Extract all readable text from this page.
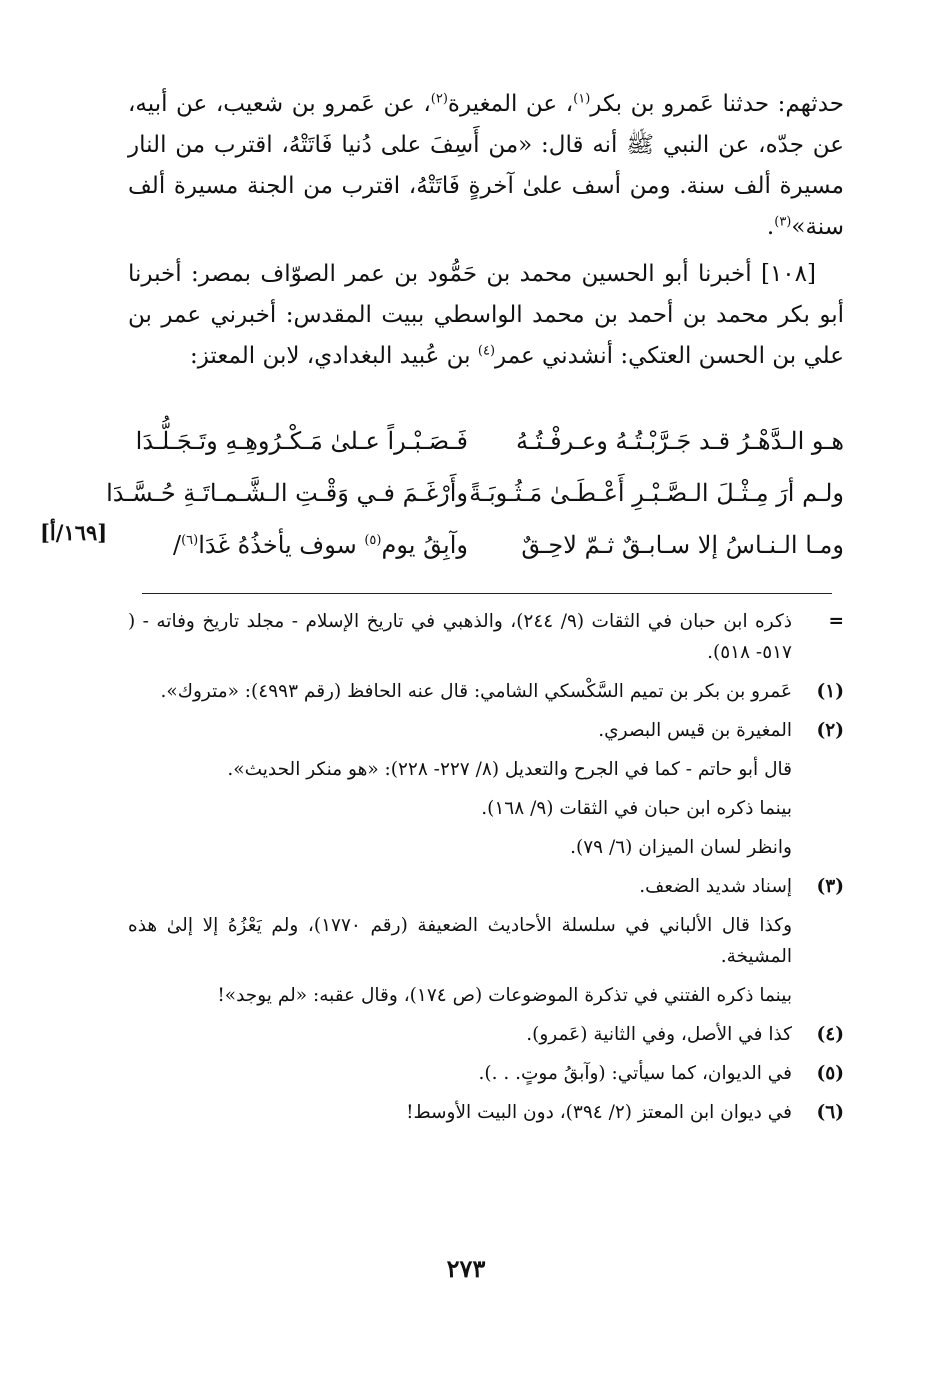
حدثهم: حدثنا عَمرو بن بكر$^{(١)}$، عن المغيرة$^{(٢)}$، عن عَمرو بن شعيب، عن أبيه، عن جدّه، عن النبي ﷺ أنه قال: «من أَسِفَ على دُنيا فَاتَتْهُ، اقترب من النار مسيرة ألف سنة. ومن أسف علىٰ آخرةٍ فَاتَتْهُ، اقترب من الجنة مسيرة ألف سنة»$^{(٣)}$.

[١٠٨] أخبرنا أبو الحسين محمد بن حَمُّود بن عمر الصوّاف بمصر: أخبرنا أبو بكر محمد بن أحمد بن محمد الواسطي ببيت المقدس: أخبرني عمر بن علي بن الحسن العتكي: أنشدني عمر$^{(٤)}$ بن عُبيد البغدادي، لابن المعتز:

هـو الـدَّهْـرُ قـد جَـرَّبْـتُـهُ وعـرفْـتُـهُ
فَـصَـبْـراً عـلىٰ مَـكْـرُوهِـهِ وتَـجَـلُّـدَا
ولـم أرَ مِـثْـلَ الـصَّـبْـرِ أَعْـطَـىٰ مَـثُـوبَـةً
وأَرْغَـمَ فـي وَقْـتِ الـشَّـمـاتَـةِ حُـسَّـدَا
ومـا الـنـاسُ إلا سـابـقٌ ثـمّ لاحِـقٌ
وآبِقُ يوم$^{(٥)}$ سوف يأخذُهُ غَدَا$^{(٦)}$/
[١٦٩/أ]
=
ذكره ابن حبان في الثقات (٩/ ٢٤٤)، والذهبي في تاريخ الإسلام - مجلد تاريخ وفاته - ( ٥١٧- ٥١٨).
(١)
عَمرو بن بكر بن تميم السَّكْسكي الشامي: قال عنه الحافظ (رقم ٤٩٩٣): «متروك».
(٢)
المغيرة بن قيس البصري.
قال أبو حاتم - كما في الجرح والتعديل (٨/ ٢٢٧- ٢٢٨): «هو منكر الحديث».
بينما ذكره ابن حبان في الثقات (٩/ ١٦٨).
وانظر لسان الميزان (٦/ ٧٩).
(٣)
إسناد شديد الضعف.
وكذا قال الألباني في سلسلة الأحاديث الضعيفة (رقم ١٧٧٠)، ولم يَعْزُهُ إلا إلىٰ هذه المشيخة.
بينما ذكره الفتني في تذكرة الموضوعات (ص ١٧٤)، وقال عقبه: «لم يوجد»!
(٤)
كذا في الأصل، وفي الثانية (عَمرو).
(٥)
في الديوان، كما سيأتي: (وآبقُ موتٍ. . .).
(٦)
في ديوان ابن المعتز (٢/ ٣٩٤)، دون البيت الأوسط!
٢٧٣
